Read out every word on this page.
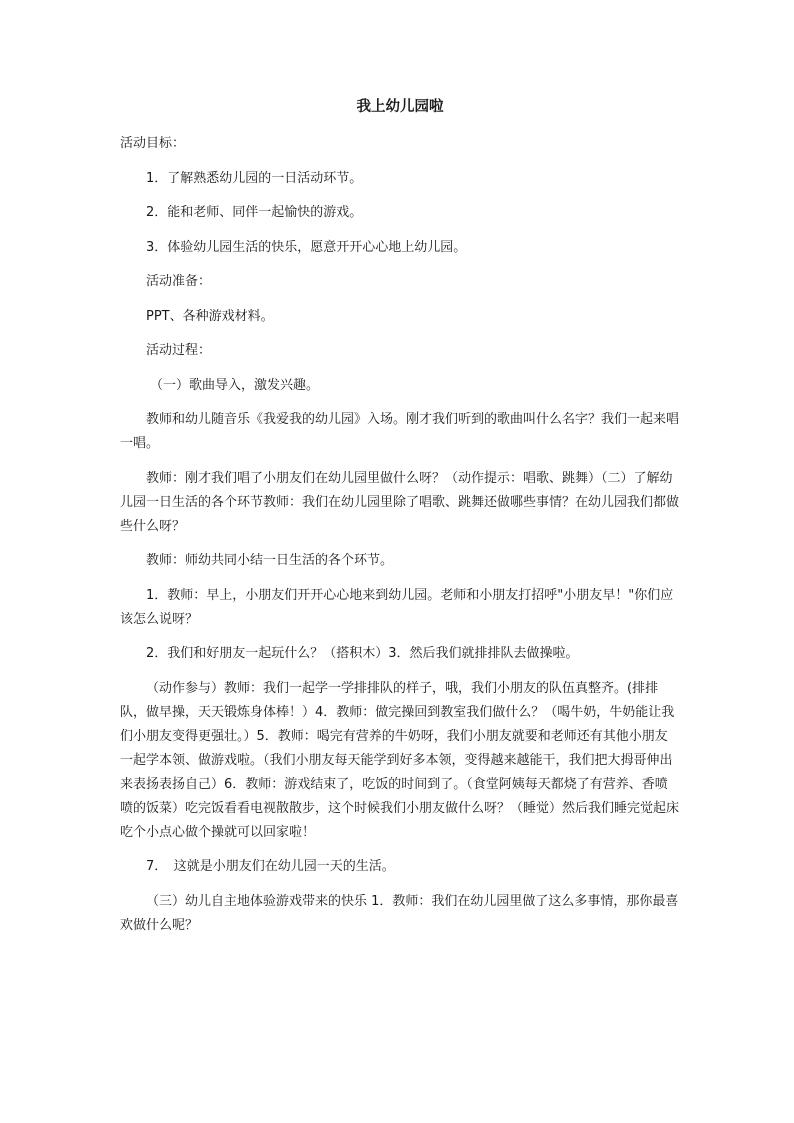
我上幼儿园啦
活动目标：
1．了解熟悉幼儿园的一日活动环节。
2．能和老师、同伴一起愉快的游戏。
3．体验幼儿园生活的快乐，愿意开开心心地上幼儿园。
活动准备：
PPT、各种游戏材料。
活动过程：
（一）歌曲导入，激发兴趣。
教师和幼儿随音乐《我爱我的幼儿园》入场。刚才我们听到的歌曲叫什么名字？我们一起来唱一唱。
教师：刚才我们唱了小朋友们在幼儿园里做什么呀？（动作提示：唱歌、跳舞）（二）了解幼儿园一日生活的各个环节教师：我们在幼儿园里除了唱歌、跳舞还做哪些事情？在幼儿园我们都做些什么呀？
教师：师幼共同小结一日生活的各个环节。
1．教师：早上，小朋友们开开心心地来到幼儿园。老师和小朋友打招呼"小朋友早！"你们应该怎么说呀？
2．我们和好朋友一起玩什么？（搭积木）3．然后我们就排排队去做操啦。
（动作参与）教师：我们一起学一学排排队的样子，哦，我们小朋友的队伍真整齐。(排排队，做早操，天天锻炼身体棒！）4．教师：做完操回到教室我们做什么？（喝牛奶，牛奶能让我们小朋友变得更强壮。）5．教师：喝完有营养的牛奶呀，我们小朋友就要和老师还有其他小朋友一起学本领、做游戏啦。（我们小朋友每天能学到好多本领，变得越来越能干，我们把大拇哥伸出来表扬表扬自己）6．教师：游戏结束了，吃饭的时间到了。（食堂阿姨每天都烧了有营养、香喷喷的饭菜）吃完饭看看电视散散步，这个时候我们小朋友做什么呀？（睡觉）然后我们睡完觉起床吃个小点心做个操就可以回家啦！
7．　这就是小朋友们在幼儿园一天的生活。
（三）幼儿自主地体验游戏带来的快乐 1．教师：我们在幼儿园里做了这么多事情，那你最喜欢做什么呢？
